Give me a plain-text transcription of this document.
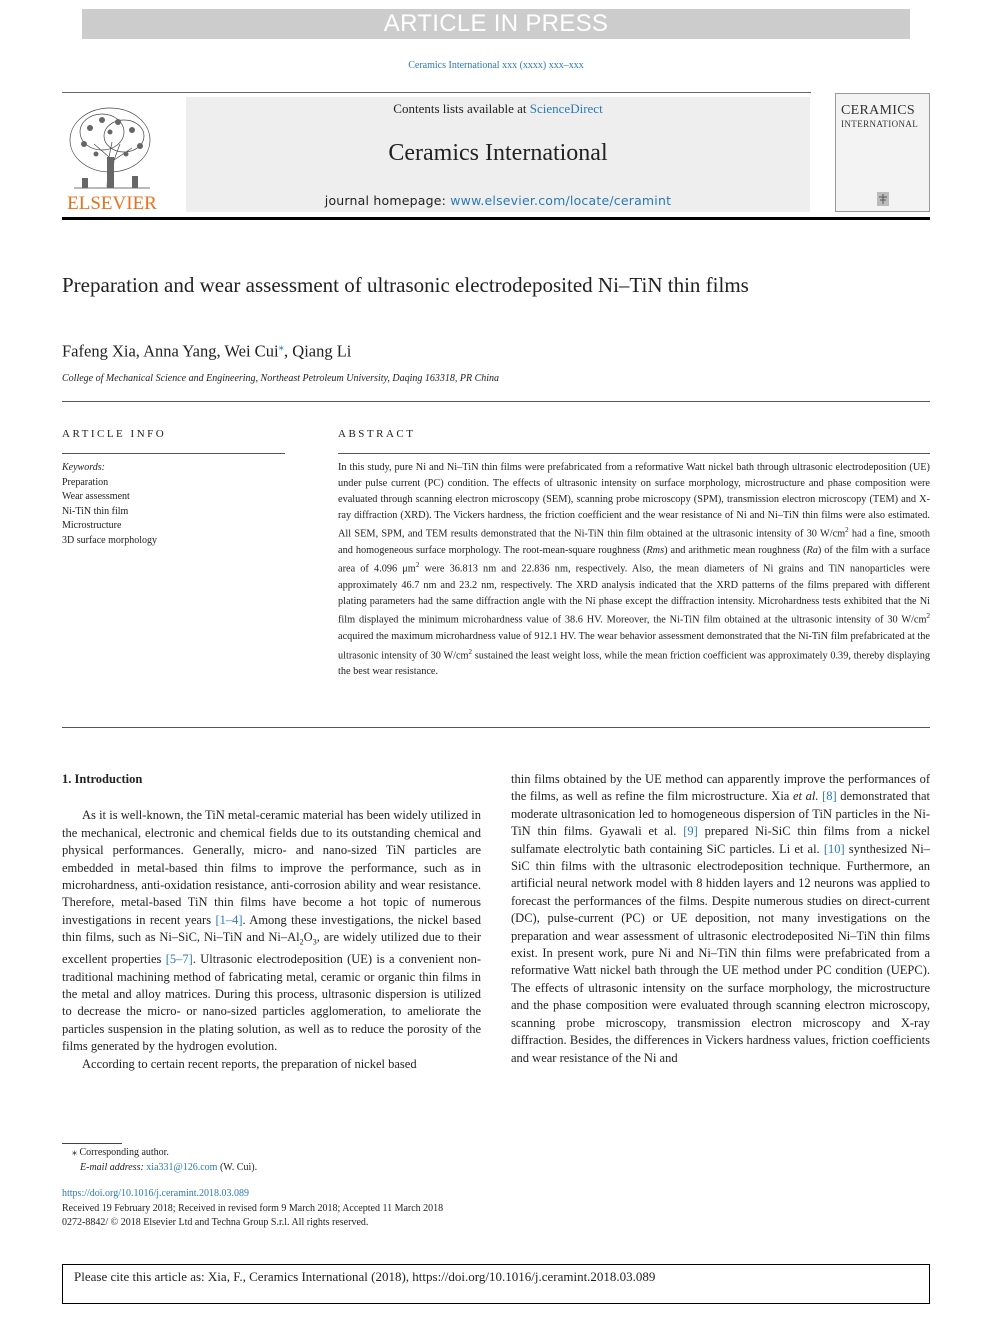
ARTICLE IN PRESS
Ceramics International xxx (xxxx) xxx–xxx
ELSEVIER
Contents lists available at ScienceDirect
Ceramics International
journal homepage: www.elsevier.com/locate/ceramint
CERAMICS
INTERNATIONAL
Preparation and wear assessment of ultrasonic electrodeposited Ni–TiN thin films
Fafeng Xia, Anna Yang, Wei Cui⁎, Qiang Li
College of Mechanical Science and Engineering, Northeast Petroleum University, Daqing 163318, PR China
ARTICLE INFO	ABSTRACT
Keywords:
Preparation
Wear assessment
Ni-TiN thin film
Microstructure
3D surface morphology
In this study, pure Ni and Ni–TiN thin films were prefabricated from a reformative Watt nickel bath through ultrasonic electrodeposition (UE) under pulse current (PC) condition. The effects of ultrasonic intensity on surface morphology, microstructure and phase composition were evaluated through scanning electron microscopy (SEM), scanning probe microscopy (SPM), transmission electron microscopy (TEM) and X-ray diffraction (XRD). The Vickers hardness, the friction coefficient and the wear resistance of Ni and Ni–TiN thin films were also estimated. All SEM, SPM, and TEM results demonstrated that the Ni-TiN thin film obtained at the ultrasonic intensity of 30 $W/cm^2$ had a fine, smooth and homogeneous surface morphology. The root-mean-square roughness (Rms) and arithmetic mean roughness (Ra) of the film with a surface area of 4.096 $\mu m^2$ were 36.813 nm and 22.836 nm, respectively. Also, the mean diameters of Ni grains and TiN nanoparticles were approximately 46.7 nm and 23.2 nm, respectively. The XRD analysis indicated that the XRD patterns of the films prepared with different plating parameters had the same diffraction angle with the Ni phase except the diffraction intensity. Microhardness tests exhibited that the Ni film displayed the minimum microhardness value of 38.6 HV. Moreover, the Ni-TiN film obtained at the ultrasonic intensity of 30 $W/cm^2$ acquired the maximum microhardness value of 912.1 HV. The wear behavior assessment demonstrated that the Ni-TiN film prefabricated at the ultrasonic intensity of 30 $W/cm^2$ sustained the least weight loss, while the mean friction coefficient was approximately 0.39, thereby displaying the best wear resistance.

1. Introduction

As it is well-known, the TiN metal-ceramic material has been widely utilized in the mechanical, electronic and chemical fields due to its outstanding chemical and physical performances. Generally, micro- and nano-sized TiN particles are embedded in metal-based thin films to improve the performance, such as in microhardness, anti-oxidation resistance, anti-corrosion ability and wear resistance. Therefore, metal-based TiN thin films have become a hot topic of numerous investigations in recent years [1–4]. Among these investigations, the nickel based thin films, such as Ni–SiC, Ni–TiN and $Ni-Al_2O_3$, are widely utilized due to their excellent properties [5–7]. Ultrasonic electrodeposition (UE) is a convenient non-traditional machining method of fabricating metal, ceramic or organic thin films in the metal and alloy matrices. During this process, ultrasonic dispersion is utilized to decrease the micro- or nano-sized particles agglomeration, to ameliorate the particles suspension in the plating solution, as well as to reduce the porosity of the films generated by the hydrogen evolution.

According to certain recent reports, the preparation of nickel based

thin films obtained by the UE method can apparently improve the performances of the films, as well as refine the film microstructure. Xia et al. [8] demonstrated that moderate ultrasonication led to homogeneous dispersion of TiN particles in the Ni-TiN thin films. Gyawali et al. [9] prepared Ni-SiC thin films from a nickel sulfamate electrolytic bath containing SiC particles. Li et al. [10] synthesized Ni–SiC thin films with the ultrasonic electrodeposition technique. Furthermore, an artificial neural network model with 8 hidden layers and 12 neurons was applied to forecast the performances of the films. Despite numerous studies on direct-current (DC), pulse-current (PC) or UE deposition, not many investigations on the preparation and wear assessment of ultrasonic electrodeposited Ni–TiN thin films exist. In present work, pure Ni and Ni–TiN thin films were prefabricated from a reformative Watt nickel bath through the UE method under PC condition (UEPC). The effects of ultrasonic intensity on the surface morphology, the microstructure and the phase composition were evaluated through scanning electron microscopy, scanning probe microscopy, transmission electron microscopy and X-ray diffraction. Besides, the differences in Vickers hardness values, friction coefficients and wear resistance of the Ni and

⁎ Corresponding author.
E-mail address: xia331@126.com (W. Cui).
https://doi.org/10.1016/j.ceramint.2018.03.089
Received 19 February 2018; Received in revised form 9 March 2018; Accepted 11 March 2018
0272-8842/ © 2018 Elsevier Ltd and Techna Group S.r.l. All rights reserved.
Please cite this article as: Xia, F., Ceramics International (2018), https://doi.org/10.1016/j.ceramint.2018.03.089
